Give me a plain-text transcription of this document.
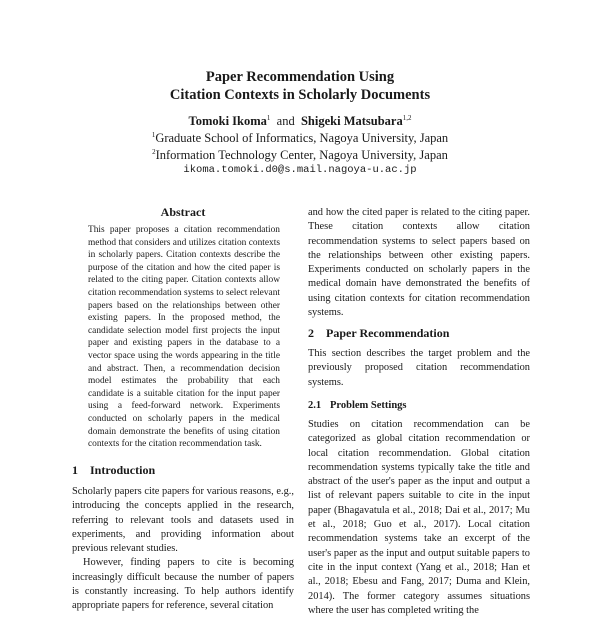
Paper Recommendation Using
Citation Contexts in Scholarly Documents
Tomoki Ikoma$^1$ and Shigeki Matsubara$^{1,2}$
$^1$Graduate School of Informatics, Nagoya University, Japan
$^2$Information Technology Center, Nagoya University, Japan
ikoma.tomoki.d0@s.mail.nagoya-u.ac.jp
Abstract
This paper proposes a citation recommendation method that considers and utilizes citation contexts in scholarly papers. Citation contexts describe the purpose of the citation and how the cited paper is related to the citing paper. Citation contexts allow citation recommendation systems to select relevant papers based on the relationships between other existing papers. In the proposed method, the candidate selection model first projects the input paper and existing papers in the database to a vector space using the words appearing in the title and abstract. Then, a recommendation decision model estimates the probability that each candidate is a suitable citation for the input paper using a feed-forward network. Experiments conducted on scholarly papers in the medical domain demonstrate the benefits of using citation contexts for the citation recommendation task.
1 Introduction

Scholarly papers cite papers for various reasons, e.g., introducing the concepts applied in the research, referring to relevant tools and datasets used in experiments, and providing information about previous relevant studies.

However, finding papers to cite is becoming increasingly difficult because the number of papers is constantly increasing. To help authors identify appropriate papers for reference, several citation

and how the cited paper is related to the citing paper. These citation contexts allow citation recommendation systems to select papers based on the relationships between other existing papers. Experiments conducted on scholarly papers in the medical domain have demonstrated the benefits of using citation contexts for citation recommendation systems.
2 Paper Recommendation
This section describes the target problem and the previously proposed citation recommendation systems.
2.1 Problem Settings
Studies on citation recommendation can be categorized as global citation recommendation or local citation recommendation. Global citation recommendation systems typically take the title and abstract of the user's paper as the input and output a list of relevant papers suitable to cite in the input paper (Bhagavatula et al., 2018; Dai et al., 2017; Mu et al., 2018; Guo et al., 2017). Local citation recommendation systems take an excerpt of the user's paper as the input and output suitable papers to cite in the input context (Yang et al., 2018; Han et al., 2018; Ebesu and Fang, 2017; Duma and Klein, 2014). The former category assumes situations where the user has completed writing the
